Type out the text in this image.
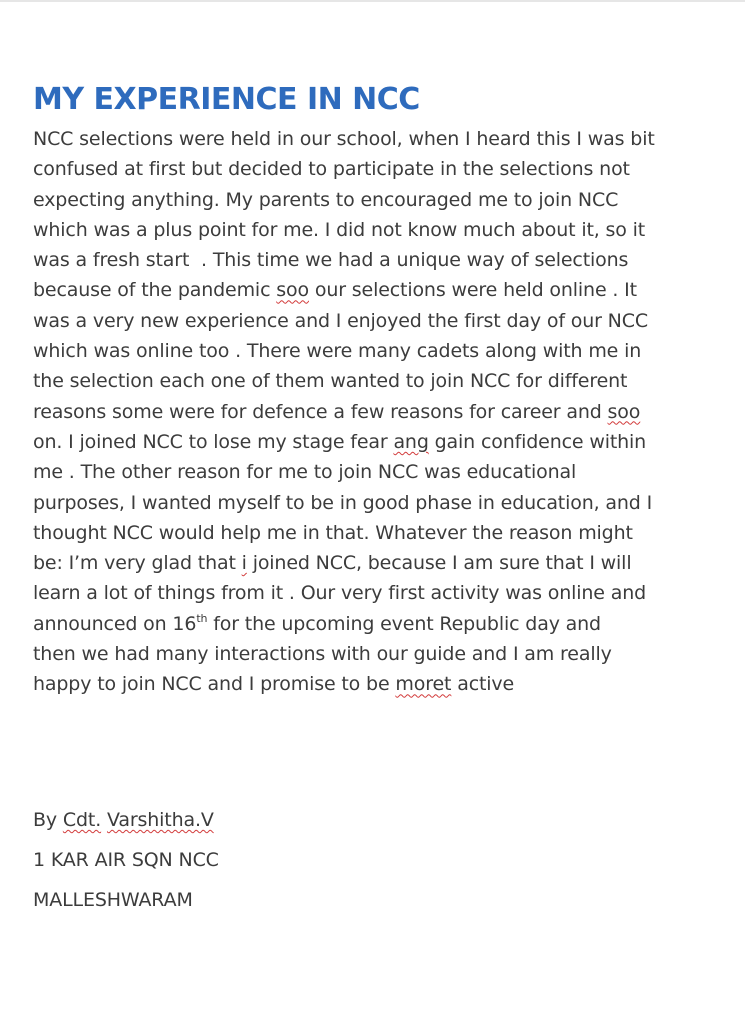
MY EXPERIENCE IN NCC
NCC selections were held in our school, when I heard this I was bit
confused at first but decided to participate in the selections not
expecting anything. My parents to encouraged me to join NCC
which was a plus point for me. I did not know much about it, so it
was a fresh start  . This time we had a unique way of selections
because of the pandemic soo our selections were held online . It
was a very new experience and I enjoyed the first day of our NCC
which was online too . There were many cadets along with me in
the selection each one of them wanted to join NCC for different
reasons some were for defence a few reasons for career and soo
on. I joined NCC to lose my stage fear ang gain confidence within
me . The other reason for me to join NCC was educational
purposes, I wanted myself to be in good phase in education, and I
thought NCC would help me in that. Whatever the reason might
be: I’m very glad that i joined NCC, because I am sure that I will
learn a lot of things from it . Our very first activity was online and
announced on 16th for the upcoming event Republic day and
then we had many interactions with our guide and I am really
happy to join NCC and I promise to be moret active
By Cdt. Varshitha.V
1 KAR AIR SQN NCC
MALLESHWARAM
